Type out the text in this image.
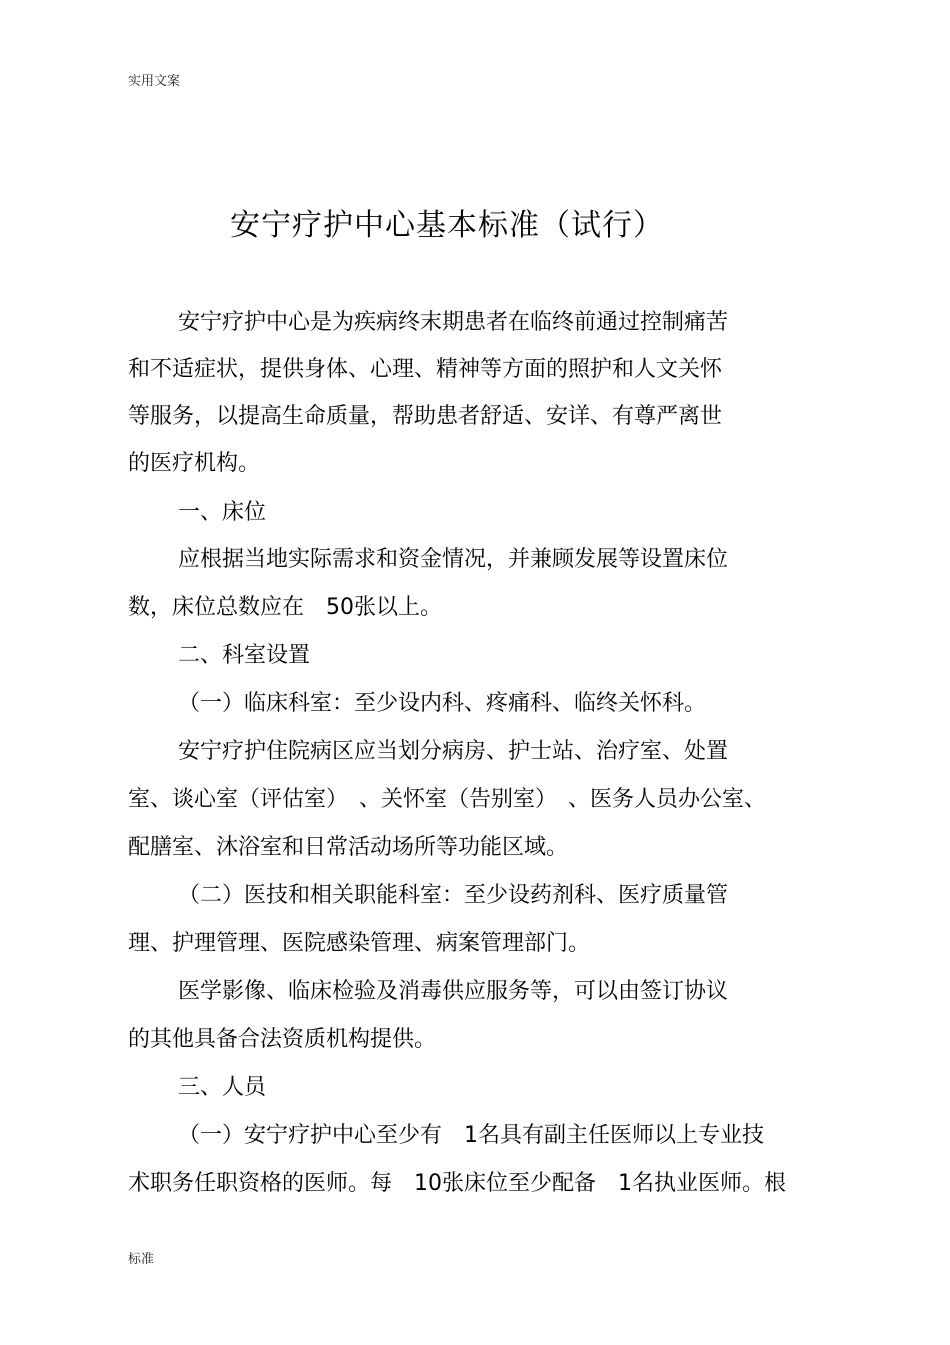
实用文案
安宁疗护中心基本标准（试行）
安宁疗护中心是为疾病终末期患者在临终前通过控制痛苦
和不适症状，提供身体、心理、精神等方面的照护和人文关怀
等服务，以提高生命质量，帮助患者舒适、安详、有尊严离世
的医疗机构。
一、床位
应根据当地实际需求和资金情况，并兼顾发展等设置床位
数，床位总数应在　50张以上。
二、科室设置
（一）临床科室：至少设内科、疼痛科、临终关怀科。
安宁疗护住院病区应当划分病房、护士站、治疗室、处置
室、谈心室（评估室）　、关怀室（告别室）　、医务人员办公室、
配膳室、沐浴室和日常活动场所等功能区域。
（二）医技和相关职能科室：至少设药剂科、医疗质量管
理、护理管理、医院感染管理、病案管理部门。
医学影像、临床检验及消毒供应服务等，可以由签订协议
的其他具备合法资质机构提供。
三、人员
（一）安宁疗护中心至少有　1名具有副主任医师以上专业技
术职务任职资格的医师。每　10张床位至少配备　1名执业医师。根
标准
